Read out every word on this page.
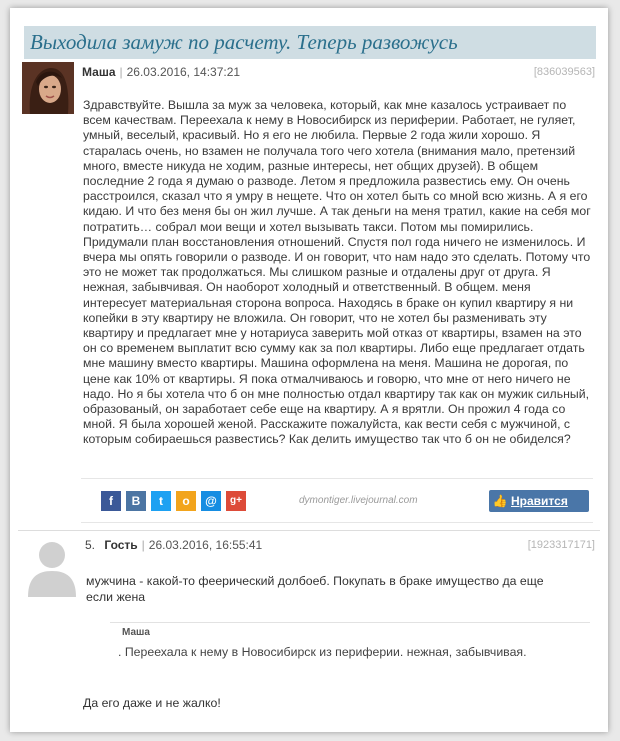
Выходила замуж по расчету. Теперь развожусь
Маша | 26.03.2016, 14:37:21	[836039563]
Здравствуйте. Вышла за муж за человека, который, как мне казалось устраивает по всем качествам. Переехала к нему в Новосибирск из периферии. Работает, не гуляет, умный, веселый, красивый. Но я его не любила. Первые 2 года жили хорошо. Я старалась очень, но взамен не получала того чего хотела (внимания мало, претензий много, вместе никуда не ходим, разные интересы, нет общих друзей). В общем последние 2 года я думаю о разводе. Летом я предложила развестись ему. Он очень расстроился, сказал что я умру в нещете. Что он хотел быть со мной всю жизнь. А я его кидаю. И что без меня бы он жил лучше. А так деньги на меня тратил, какие на себя мог потратить… собрал мои вещи и хотел вызывать такси. Потом мы помирились. Придумали план восстановления отношений. Спустя пол года ничего не изменилось. И вчера мы опять говорили о разводе. И он говорит, что нам надо это сделать. Потому что это не может так продолжаться. Мы слишком разные и отдалены друг от друга. Я нежная, забывчивая. Он наоборот холодный и ответственный. В общем. меня интересует материальная сторона вопроса. Находясь в браке он купил квартиру я ни копейки в эту квартиру не вложила. Он говорит, что не хотел бы разменивать эту квартиру и предлагает мне у нотариуса заверить мой отказ от квартиры, взамен на это он со временем выплатит всю сумму как за пол квартиры. Либо еще предлагает отдать мне машину вместо квартиры. Машина оформлена на меня. Машина не дорогая, по цене как 10% от квартиры. Я пока отмалчиваюсь и говорю, что мне от него ничего не надо. Но я бы хотела что б он мне полностью отдал квартиру так как он мужик сильный, образованый, он заработает себе еще на квартиру. А я врятли. Он прожил 4 года со мной. Я была хорошей женой. Расскажите пожалуйста, как вести себя с мужчиной, с которым собираешься развестись? Как делить имущество так что б он не обиделся?
f	В	t	о	@	g+	dymontiger.livejournal.com	👍 Нравится
5. Гость | 26.03.2016, 16:55:41	[1923317171]
мужчина - какой-то феерический долбоеб. Покупать в браке имущество да еще если жена
Маша
. Переехала к нему в Новосибирск из периферии. нежная, забывчивая.
Да его даже и не жалко!
